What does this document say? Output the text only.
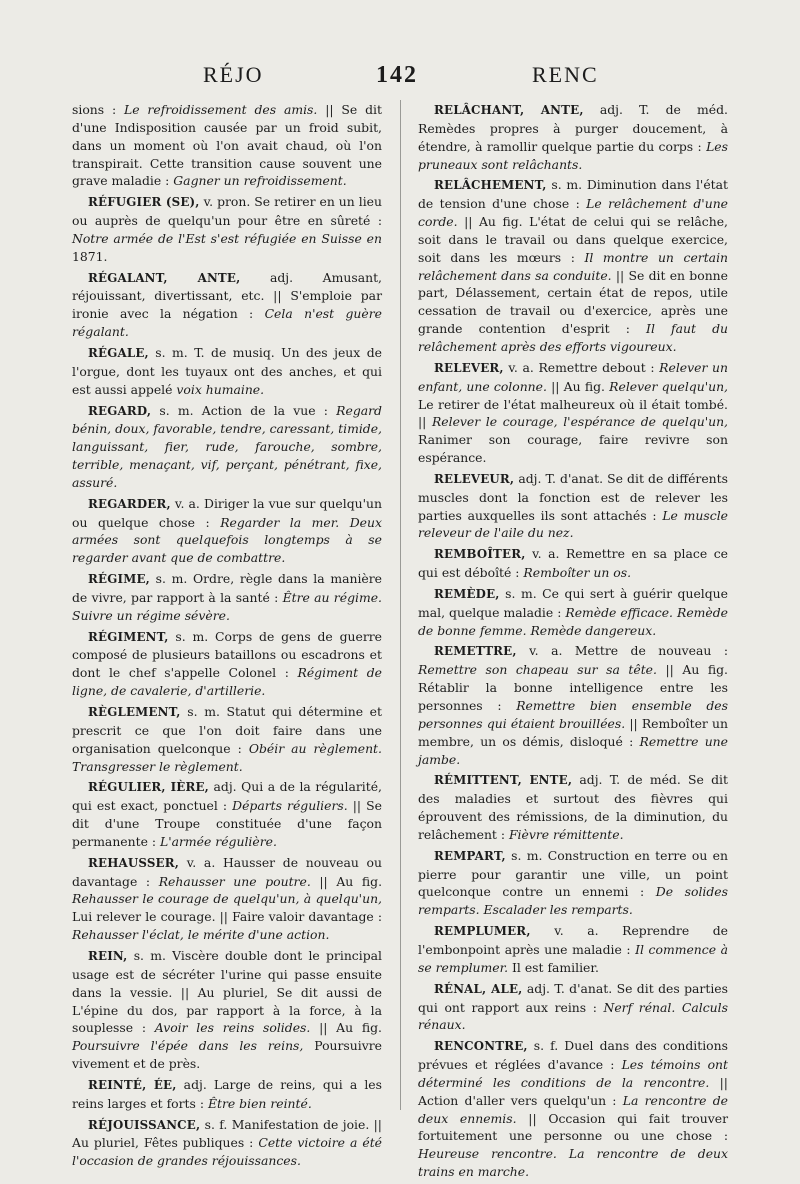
RÉJO	142	RENC

sions : Le refroidissement des amis. || Se dit d'une Indisposition causée par un froid subit, dans un moment où l'on avait chaud, où l'on transpirait. Cette transition cause souvent une grave maladie : Gagner un refroidissement.

RÉFUGIER (SE), v. pron. Se retirer en un lieu ou auprès de quelqu'un pour être en sûreté : Notre armée de l'Est s'est réfugiée en Suisse en 1871.

RÉGALANT, ANTE, adj. Amusant, réjouissant, divertissant, etc. || S'emploie par ironie avec la négation : Cela n'est guère régalant.

RÉGALE, s. m. T. de musiq. Un des jeux de l'orgue, dont les tuyaux ont des anches, et qui est aussi appelé voix humaine.

REGARD, s. m. Action de la vue : Regard bénin, doux, favorable, tendre, caressant, timide, languissant, fier, rude, farouche, sombre, terrible, menaçant, vif, perçant, pénétrant, fixe, assuré.

REGARDER, v. a. Diriger la vue sur quelqu'un ou quelque chose : Regarder la mer. Deux armées sont quelquefois longtemps à se regarder avant que de combattre.

RÉGIME, s. m. Ordre, règle dans la manière de vivre, par rapport à la santé : Être au régime. Suivre un régime sévère.

RÉGIMENT, s. m. Corps de gens de guerre composé de plusieurs bataillons ou escadrons et dont le chef s'appelle Colonel : Régiment de ligne, de cavalerie, d'artillerie.

RÈGLEMENT, s. m. Statut qui détermine et prescrit ce que l'on doit faire dans une organisation quelconque : Obéir au règlement. Transgresser le règlement.

RÉGULIER, IÈRE, adj. Qui a de la régularité, qui est exact, ponctuel : Départs réguliers. || Se dit d'une Troupe constituée d'une façon permanente : L'armée régulière.

REHAUSSER, v. a. Hausser de nouveau ou davantage : Rehausser une poutre. || Au fig. Rehausser le courage de quelqu'un, à quelqu'un, Lui relever le courage. || Faire valoir davantage : Rehausser l'éclat, le mérite d'une action.

REIN, s. m. Viscère double dont le principal usage est de sécréter l'urine qui passe ensuite dans la vessie. || Au pluriel, Se dit aussi de L'épine du dos, par rapport à la force, à la souplesse : Avoir les reins solides. || Au fig. Poursuivre l'épée dans les reins, Poursuivre vivement et de près.

REINTÉ, ÉE, adj. Large de reins, qui a les reins larges et forts : Être bien reinté.

RÉJOUISSANCE, s. f. Manifestation de joie. || Au pluriel, Fêtes publiques : Cette victoire a été l'occasion de grandes réjouissances.

RELÂCHANT, ANTE, adj. T. de méd. Remèdes propres à purger doucement, à étendre, à ramollir quelque partie du corps : Les pruneaux sont relâchants.

RELÂCHEMENT, s. m. Diminution dans l'état de tension d'une chose : Le relâchement d'une corde. || Au fig. L'état de celui qui se relâche, soit dans le travail ou dans quelque exercice, soit dans les mœurs : Il montre un certain relâchement dans sa conduite. || Se dit en bonne part, Délassement, certain état de repos, utile cessation de travail ou d'exercice, après une grande contention d'esprit : Il faut du relâchement après des efforts vigoureux.

RELEVER, v. a. Remettre debout : Relever un enfant, une colonne. || Au fig. Relever quelqu'un, Le retirer de l'état malheureux où il était tombé. || Relever le courage, l'espérance de quelqu'un, Ranimer son courage, faire revivre son espérance.

RELEVEUR, adj. T. d'anat. Se dit de différents muscles dont la fonction est de relever les parties auxquelles ils sont attachés : Le muscle releveur de l'aile du nez.

REMBOÎTER, v. a. Remettre en sa place ce qui est déboîté : Remboîter un os.

REMÈDE, s. m. Ce qui sert à guérir quelque mal, quelque maladie : Remède efficace. Remède de bonne femme. Remède dangereux.

REMETTRE, v. a. Mettre de nouveau : Remettre son chapeau sur sa tête. || Au fig. Rétablir la bonne intelligence entre les personnes : Remettre bien ensemble des personnes qui étaient brouillées. || Remboîter un membre, un os démis, disloqué : Remettre une jambe.

RÉMITTENT, ENTE, adj. T. de méd. Se dit des maladies et surtout des fièvres qui éprouvent des rémissions, de la diminution, du relâchement : Fièvre rémittente.

REMPART, s. m. Construction en terre ou en pierre pour garantir une ville, un point quelconque contre un ennemi : De solides remparts. Escalader les remparts.

REMPLUMER, v. a. Reprendre de l'embonpoint après une maladie : Il commence à se remplumer. Il est familier.

RÉNAL, ALE, adj. T. d'anat. Se dit des parties qui ont rapport aux reins : Nerf rénal. Calculs rénaux.

RENCONTRE, s. f. Duel dans des conditions prévues et réglées d'avance : Les témoins ont déterminé les conditions de la rencontre. || Action d'aller vers quelqu'un : La rencontre de deux ennemis. || Occasion qui fait trouver fortuitement une personne ou une chose : Heureuse rencontre. La rencontre de deux trains en marche.
